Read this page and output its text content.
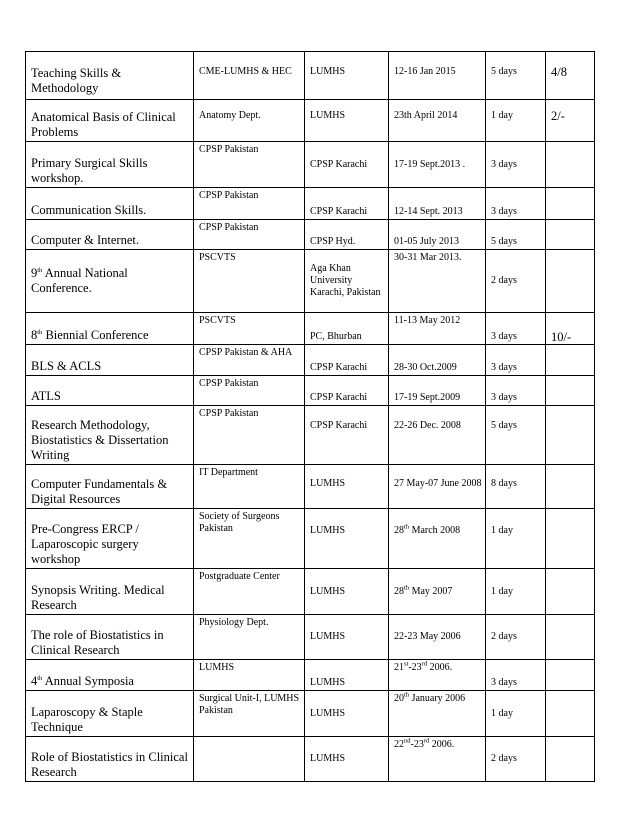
Teaching Skills & Methodology	CME-LUMHS & HEC	LUMHS	12-16 Jan 2015	5 days	4/8
Anatomical Basis of Clinical Problems	Anatomy Dept.	LUMHS	23th April 2014	1 day	2/-
Primary Surgical Skills workshop.	CPSP Pakistan	CPSP Karachi	17-19 Sept.2013 .	3 days	
Communication Skills.	CPSP Pakistan	CPSP Karachi	12-14 Sept. 2013	3 days	
Computer & Internet.	CPSP Pakistan	CPSP Hyd.	01-05 July 2013	5 days	
9th Annual National Conference.	PSCVTS	Aga Khan University Karachi, Pakistan	30-31 Mar 2013.	2 days	
8th Biennial Conference	PSCVTS	PC, Bhurban	11-13 May 2012	3 days	10/-
BLS & ACLS	CPSP Pakistan & AHA	CPSP Karachi	28-30 Oct.2009	3 days	
ATLS	CPSP Pakistan	CPSP Karachi	17-19 Sept.2009	3 days	
Research Methodology, Biostatistics & Dissertation Writing	CPSP Pakistan	CPSP Karachi	22-26 Dec. 2008	5 days	
Computer Fundamentals & Digital Resources	IT Department	LUMHS	27 May-07 June 2008	8 days	
Pre-Congress ERCP / Laparoscopic surgery workshop	Society of Surgeons Pakistan	LUMHS	28th March 2008	1 day	
Synopsis Writing. Medical Research	Postgraduate Center	LUMHS	28th May 2007	1 day	
The role of Biostatistics in Clinical Research	Physiology Dept.	LUMHS	22-23 May 2006	2 days	
4th Annual Symposia	LUMHS	LUMHS	21st-23rd 2006.	3 days	
Laparoscopy & Staple Technique	Surgical Unit-I, LUMHS Pakistan	LUMHS	20th January 2006	1 day	
Role of Biostatistics in Clinical Research		LUMHS	22nd-23rd 2006.	2 days	
